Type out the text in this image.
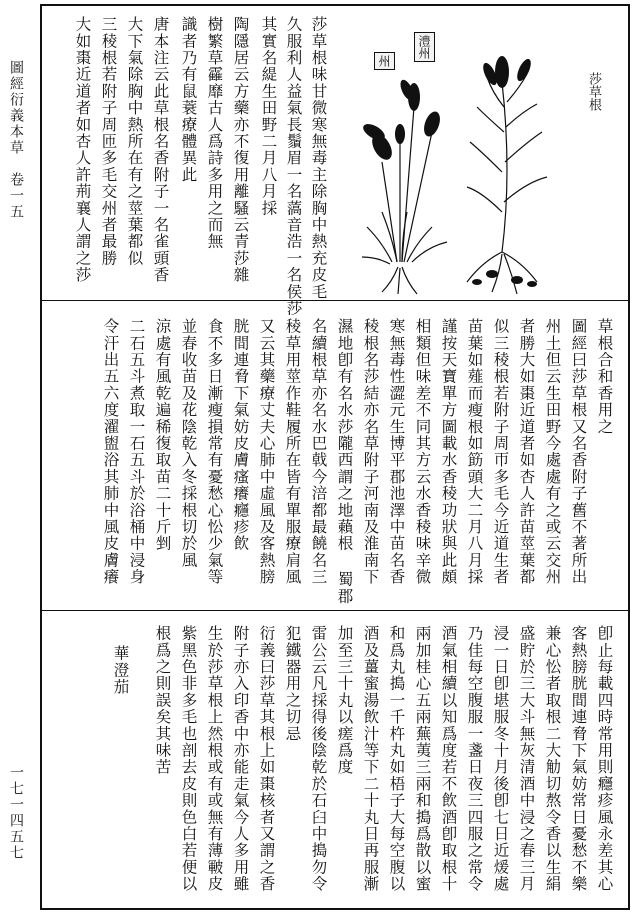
圖經衍義本草　卷一五
一七一四五七
莎草根
澧州
州
莎草根味甘微寒無毒主除胸中熱充皮毛
久服利人益氣長鬚眉一名薃音浩一名侯莎
其實名緹生田野二月八月採
陶隱居云方藥亦不復用離騷云青莎雜
樹繁草靃靡古人爲詩多用之而無
識者乃有鼠蓑療體異此
唐本注云此草根名香附子一名雀頭香
大下氣除胸中熱所在有之莖葉都似
三稜根若附子周匝多毛交州者最勝
大如棗近道者如杏人許荊襄人謂之莎
草根合和香用之
圖經曰莎草根又名香附子舊不著所出
州土但云生田野今處處有之或云交州
者勝大如棗近道者如杏人許苗莖葉都
似三稜根若附子周帀多毛今近道生者
苗葉如薤而瘦根如筯頭大二月八月採
謹按天寶單方圖載水香稜功狀與此頗
相類但味差不同其方云水香稜味辛微
寒無毒性澀元生博平郡池澤中苗名香
稜根名莎結亦名草附子河南及淮南下
濕地卽有名水莎隴西謂之地藾根 蜀郡
名續根草亦名水巴戟今涪都最饒名三
稜草用莖作鞋履所在皆有單服療肩風
又云其藥療丈夫心肺中虛風及客熱膀
胱間連脅下氣妨皮膚瘙癢癮疹飲
食不多日漸瘦損常有憂愁心忪少氣等
並春收苗及花陰乾入冬採根切於風
涼處有風乾遍稀復取苗二十斤剉
二石五斗煮取一石五斗於浴桶中浸身
令汗出五六度濯盥浴其肺中風皮膚癢
卽止每載四時常用則癮疹風永差其心
客熱膀胱間連脅下氣妨常日憂愁不樂
兼心忪者取根二大觔切熬令香以生絹
盛貯於三大斗無灰清酒中浸之春三月
浸一日卽堪服冬十月後卽七日近煖處
乃佳每空腹服一盞日夜三四服之常令
酒氣相續以知爲度若不飲酒卽取根十
兩加桂心五兩蕪荑三兩和搗爲散以蜜
和爲丸搗一千杵丸如梧子大每空腹以
酒及薑蜜湯飲汁等下二十丸日再服漸
加至三十丸以瘥爲度
雷公云凡採得後陰乾於石臼中搗勿令
犯鐵器用之切忌
衍義曰莎草其根上如棗核者又謂之香
附子亦入印香中亦能走氣今人多用雖
生於莎草根上然根或有或無有薄皸皮
紫黑色非多毛也剖去皮則色白若便以
根爲之則誤矣其味苦
華澄茄
